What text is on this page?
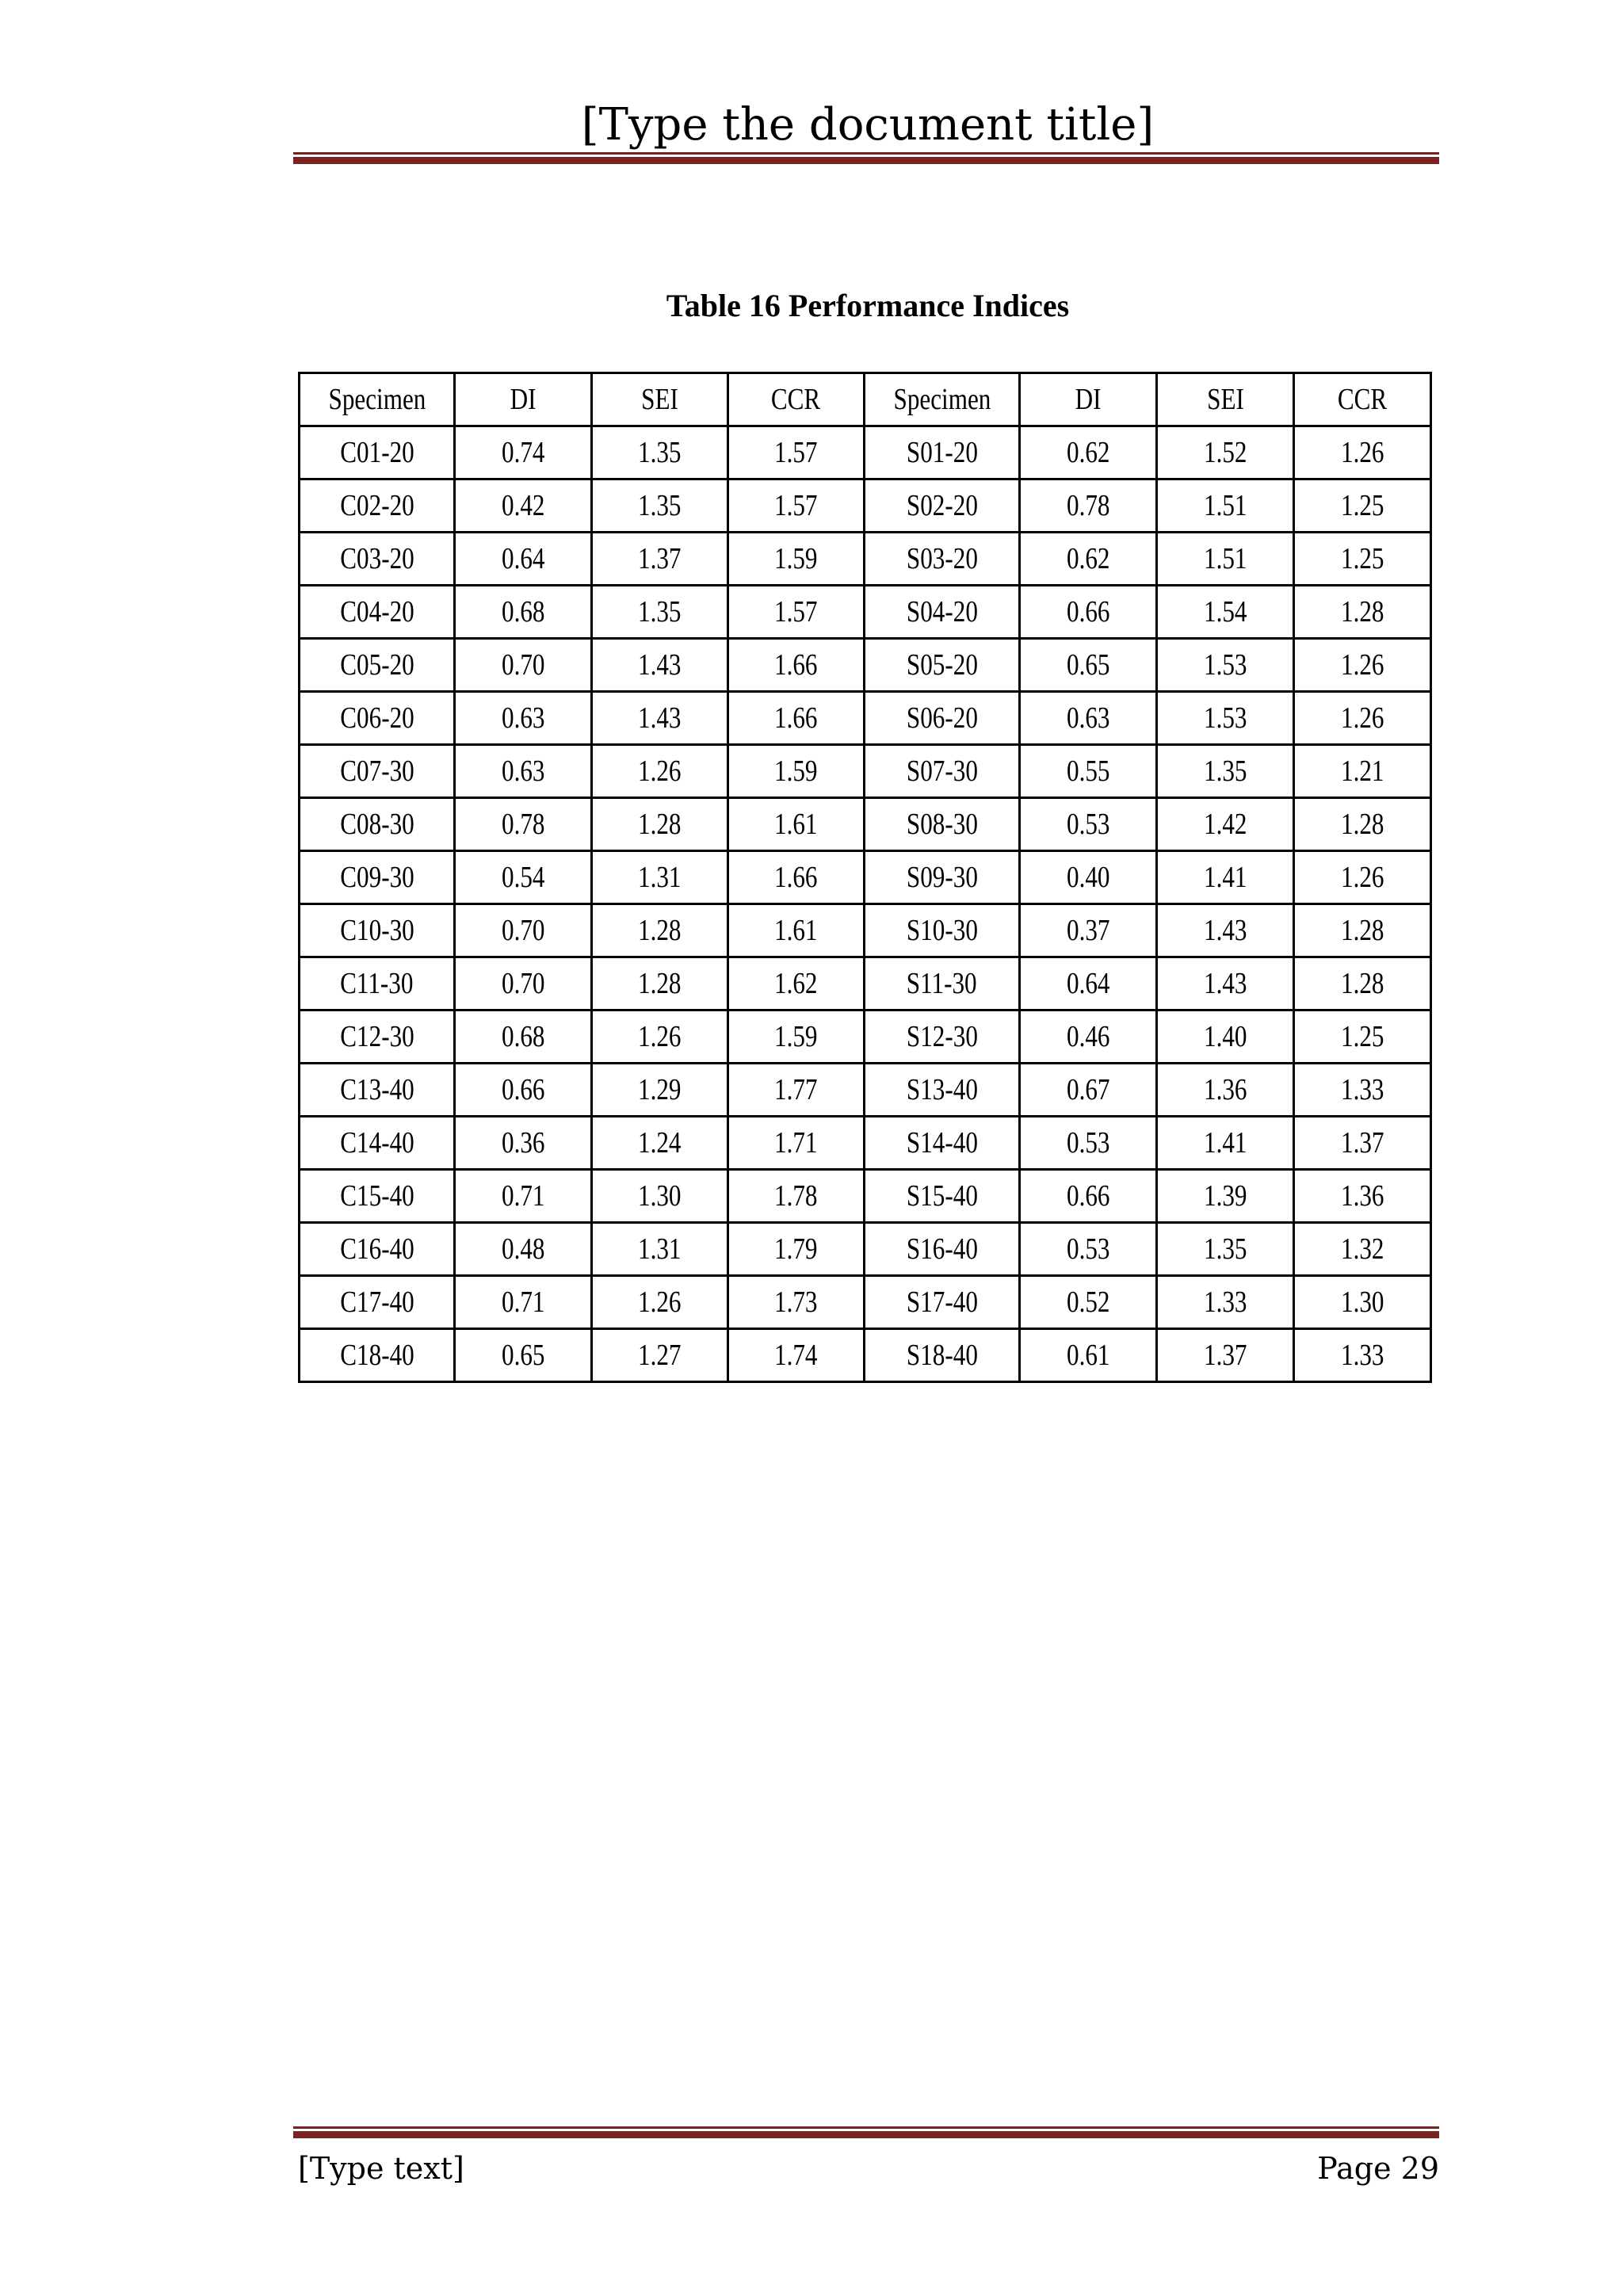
[Type the document title]
Table 16 Performance Indices
Specimen	DI	SEI	CCR	Specimen	DI	SEI	CCR
C01-20	0.74	1.35	1.57	S01-20	0.62	1.52	1.26
C02-20	0.42	1.35	1.57	S02-20	0.78	1.51	1.25
C03-20	0.64	1.37	1.59	S03-20	0.62	1.51	1.25
C04-20	0.68	1.35	1.57	S04-20	0.66	1.54	1.28
C05-20	0.70	1.43	1.66	S05-20	0.65	1.53	1.26
C06-20	0.63	1.43	1.66	S06-20	0.63	1.53	1.26
C07-30	0.63	1.26	1.59	S07-30	0.55	1.35	1.21
C08-30	0.78	1.28	1.61	S08-30	0.53	1.42	1.28
C09-30	0.54	1.31	1.66	S09-30	0.40	1.41	1.26
C10-30	0.70	1.28	1.61	S10-30	0.37	1.43	1.28
C11-30	0.70	1.28	1.62	S11-30	0.64	1.43	1.28
C12-30	0.68	1.26	1.59	S12-30	0.46	1.40	1.25
C13-40	0.66	1.29	1.77	S13-40	0.67	1.36	1.33
C14-40	0.36	1.24	1.71	S14-40	0.53	1.41	1.37
C15-40	0.71	1.30	1.78	S15-40	0.66	1.39	1.36
C16-40	0.48	1.31	1.79	S16-40	0.53	1.35	1.32
C17-40	0.71	1.26	1.73	S17-40	0.52	1.33	1.30
C18-40	0.65	1.27	1.74	S18-40	0.61	1.37	1.33
[Type text]	Page 29
